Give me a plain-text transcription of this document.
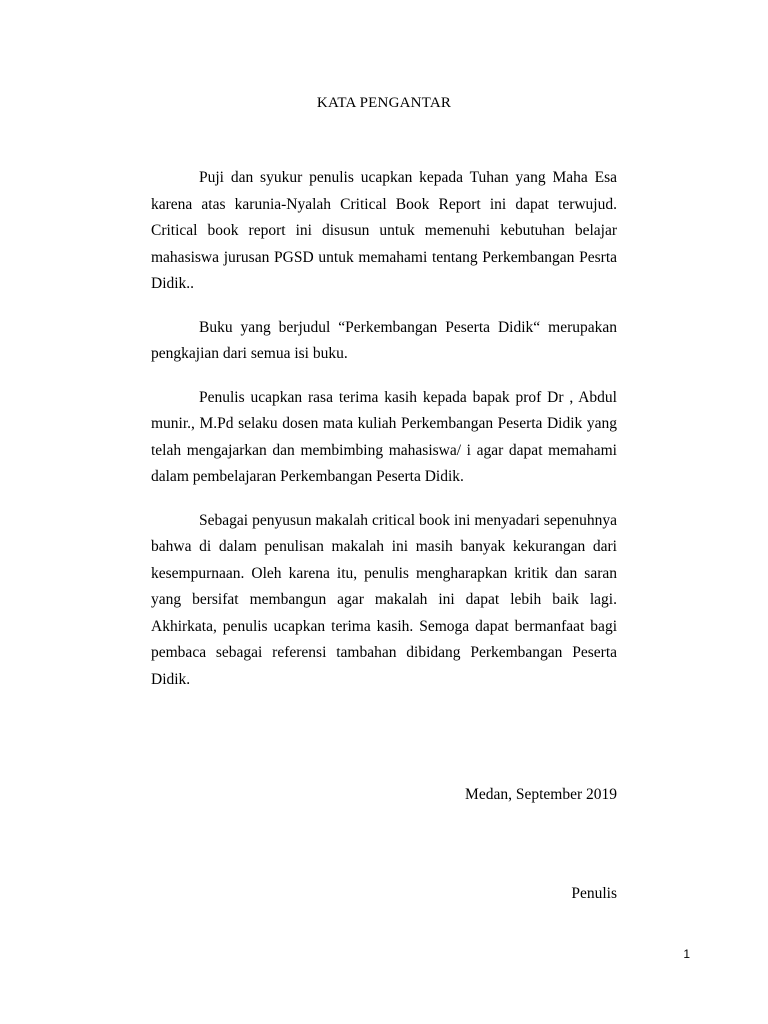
KATA PENGANTAR

Puji dan syukur penulis ucapkan kepada Tuhan yang Maha Esa karena atas karunia-Nyalah Critical Book Report ini dapat terwujud. Critical book report ini disusun untuk memenuhi kebutuhan belajar mahasiswa jurusan PGSD untuk memahami tentang Perkembangan Pesrta Didik..

Buku yang berjudul “Perkembangan Peserta Didik“ merupakan pengkajian dari semua isi buku.

Penulis ucapkan rasa terima kasih kepada bapak prof Dr , Abdul munir., M.Pd selaku dosen mata kuliah Perkembangan Peserta Didik yang telah mengajarkan dan membimbing mahasiswa/ i agar dapat memahami dalam pembelajaran Perkembangan Peserta Didik.

Sebagai penyusun makalah critical book ini menyadari sepenuhnya bahwa di dalam penulisan makalah ini masih banyak kekurangan dari kesempurnaan. Oleh karena itu, penulis mengharapkan kritik dan saran yang bersifat membangun agar makalah ini dapat lebih baik lagi. Akhirkata, penulis ucapkan terima kasih. Semoga dapat bermanfaat bagi pembaca sebagai referensi tambahan dibidang Perkembangan Peserta Didik.

Medan, September 2019
Penulis
1
